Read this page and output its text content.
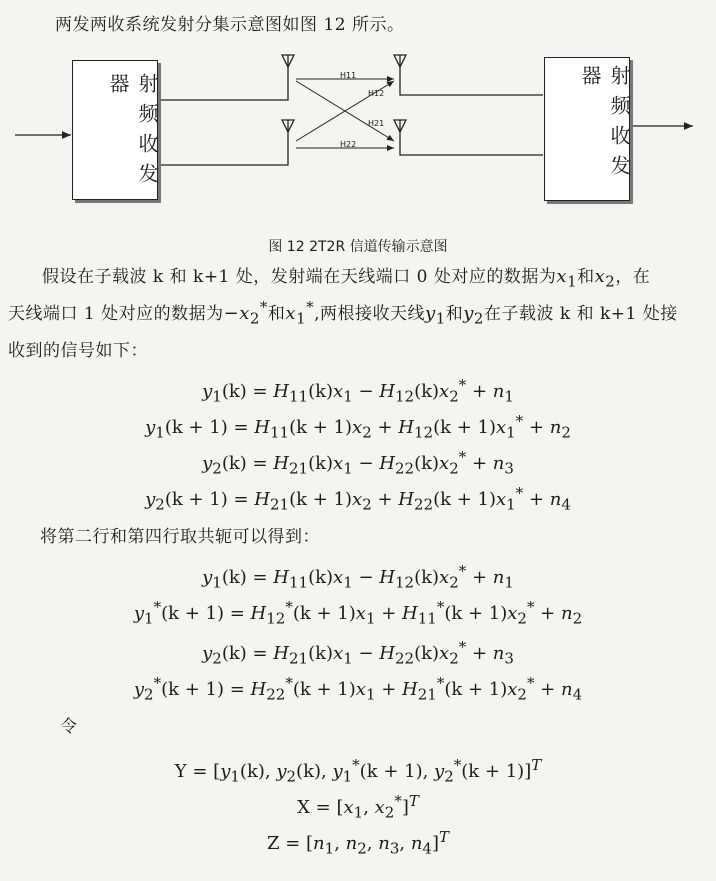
两发两收系统发射分集示意图如图 12 所示。
H11
H12
H21
H22
射频收发器	射频收发器
图 12 2T2R 信道传输示意图
假设在子载波 k 和 k+1 处，发射端在天线端口 0 处对应的数据为$x_1$和$x_2$，在
天线端口 1 处对应的数据为$-x_2^*$和$x_1^*$,两根接收天线$y_1$和$y_2$在子载波 k 和 k+1 处接
收到的信号如下：
$y_1(k) = H_{11}(k)x_1 - H_{12}(k)x_2^* + n_1$
$y_1(k + 1) = H_{11}(k + 1)x_2 + H_{12}(k + 1)x_1^* + n_2$
$y_2(k) = H_{21}(k)x_1 - H_{22}(k)x_2^* + n_3$
$y_2(k + 1) = H_{21}(k + 1)x_2 + H_{22}(k + 1)x_1^* + n_4$
将第二行和第四行取共轭可以得到：
$y_1(k) = H_{11}(k)x_1 - H_{12}(k)x_2^* + n_1$
$y_1^*(k + 1) = H_{12}^*(k + 1)x_1 + H_{11}^*(k + 1)x_2^* + n_2$
$y_2(k) = H_{21}(k)x_1 - H_{22}(k)x_2^* + n_3$
$y_2^*(k + 1) = H_{22}^*(k + 1)x_1 + H_{21}^*(k + 1)x_2^* + n_4$
令
$Y = [y_1(k)$, $y_2(k)$, $y_1^*(k + 1)$, $y_2^*(k + 1)]^T$
$X = [x_1$, $x_2^*]^T$
$Z = [n_1$, $n_2$, $n_3$, $n_4]^T$
